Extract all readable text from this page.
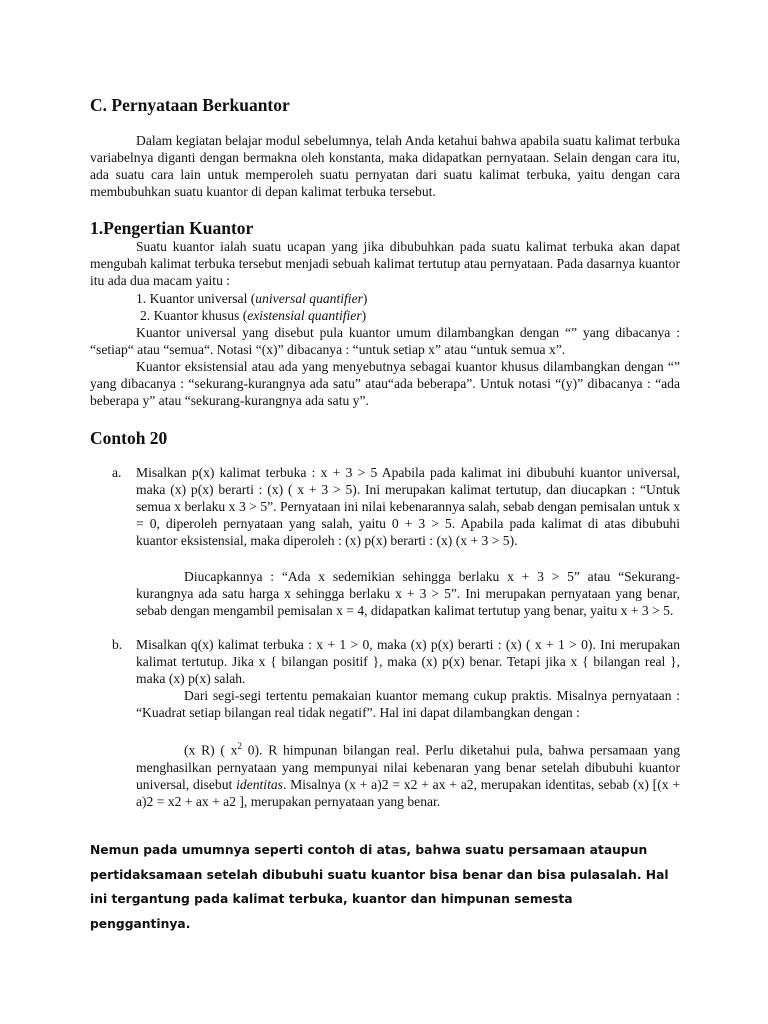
C. Pernyataan Berkuantor

Dalam kegiatan belajar modul sebelumnya, telah Anda ketahui bahwa apabila suatu kalimat terbuka variabelnya diganti dengan bermakna oleh konstanta, maka didapatkan pernyataan. Selain dengan cara itu, ada suatu cara lain untuk memperoleh suatu pernyatan dari suatu kalimat terbuka, yaitu dengan cara membubuhkan suatu kuantor di depan kalimat terbuka tersebut.

1.Pengertian Kuantor

Suatu kuantor ialah suatu ucapan yang jika dibubuhkan pada suatu kalimat terbuka akan dapat mengubah kalimat terbuka tersebut menjadi sebuah kalimat tertutup atau pernyataan. Pada dasarnya kuantor itu ada dua macam yaitu :

1. Kuantor universal (universal quantifier)

2. Kuantor khusus (existensial quantifier)

Kuantor universal yang disebut pula kuantor umum dilambangkan dengan “” yang dibacanya : “setiap“ atau “semua“. Notasi “(x)” dibacanya : “untuk setiap x” atau “untuk semua x”.

Kuantor eksistensial atau ada yang menyebutnya sebagai kuantor khusus dilambangkan dengan “” yang dibacanya : “sekurang-kurangnya ada satu” atau“ada beberapa”. Untuk notasi “(y)” dibacanya : “ada beberapa y” atau “sekurang-kurangnya ada satu y”.

Contoh 20
a. Misalkan p(x) kalimat terbuka : x + 3 > 5 Apabila pada kalimat ini dibubuhi kuantor universal, maka (x) p(x) berarti : (x) ( x + 3 > 5). Ini merupakan kalimat tertutup, dan diucapkan : “Untuk semua x berlaku x 3 > 5”. Pernyataan ini nilai kebenarannya salah, sebab dengan pemisalan untuk x = 0, diperoleh pernyataan yang salah, yaitu 0 + 3 > 5. Apabila pada kalimat di atas dibubuhi kuantor eksistensial, maka diperoleh : (x) p(x) berarti : (x) (x + 3 > 5).

Diucapkannya : “Ada x sedemikian sehingga berlaku x + 3 > 5” atau “Sekurang-kurangnya ada satu harga x sehingga berlaku x + 3 > 5”. Ini merupakan pernyataan yang benar, sebab dengan mengambil pemisalan x = 4, didapatkan kalimat tertutup yang benar, yaitu x + 3 > 5.

b. Misalkan q(x) kalimat terbuka : x + 1 > 0, maka (x) p(x) berarti : (x) ( x + 1 > 0). Ini merupakan kalimat tertutup. Jika x { bilangan positif }, maka (x) p(x) benar. Tetapi jika x { bilangan real }, maka (x) p(x) salah.

Dari segi-segi tertentu pemakaian kuantor memang cukup praktis. Misalnya pernyataan : “Kuadrat setiap bilangan real tidak negatif”. Hal ini dapat dilambangkan dengan :

(x R) ( $x^2$ 0). R himpunan bilangan real. Perlu diketahui pula, bahwa persamaan yang menghasilkan pernyataan yang mempunyai nilai kebenaran yang benar setelah dibubuhi kuantor universal, disebut identitas. Misalnya (x + a)2 = x2 + ax + a2, merupakan identitas, sebab (x) [(x + a)2 = x2 + ax + a2 ], merupakan pernyataan yang benar.

Nemun pada umumnya seperti contoh di atas, bahwa suatu persamaan ataupun pertidaksamaan setelah dibubuhi suatu kuantor bisa benar dan bisa pulasalah. Hal ini tergantung pada kalimat terbuka, kuantor dan himpunan semesta penggantinya.
